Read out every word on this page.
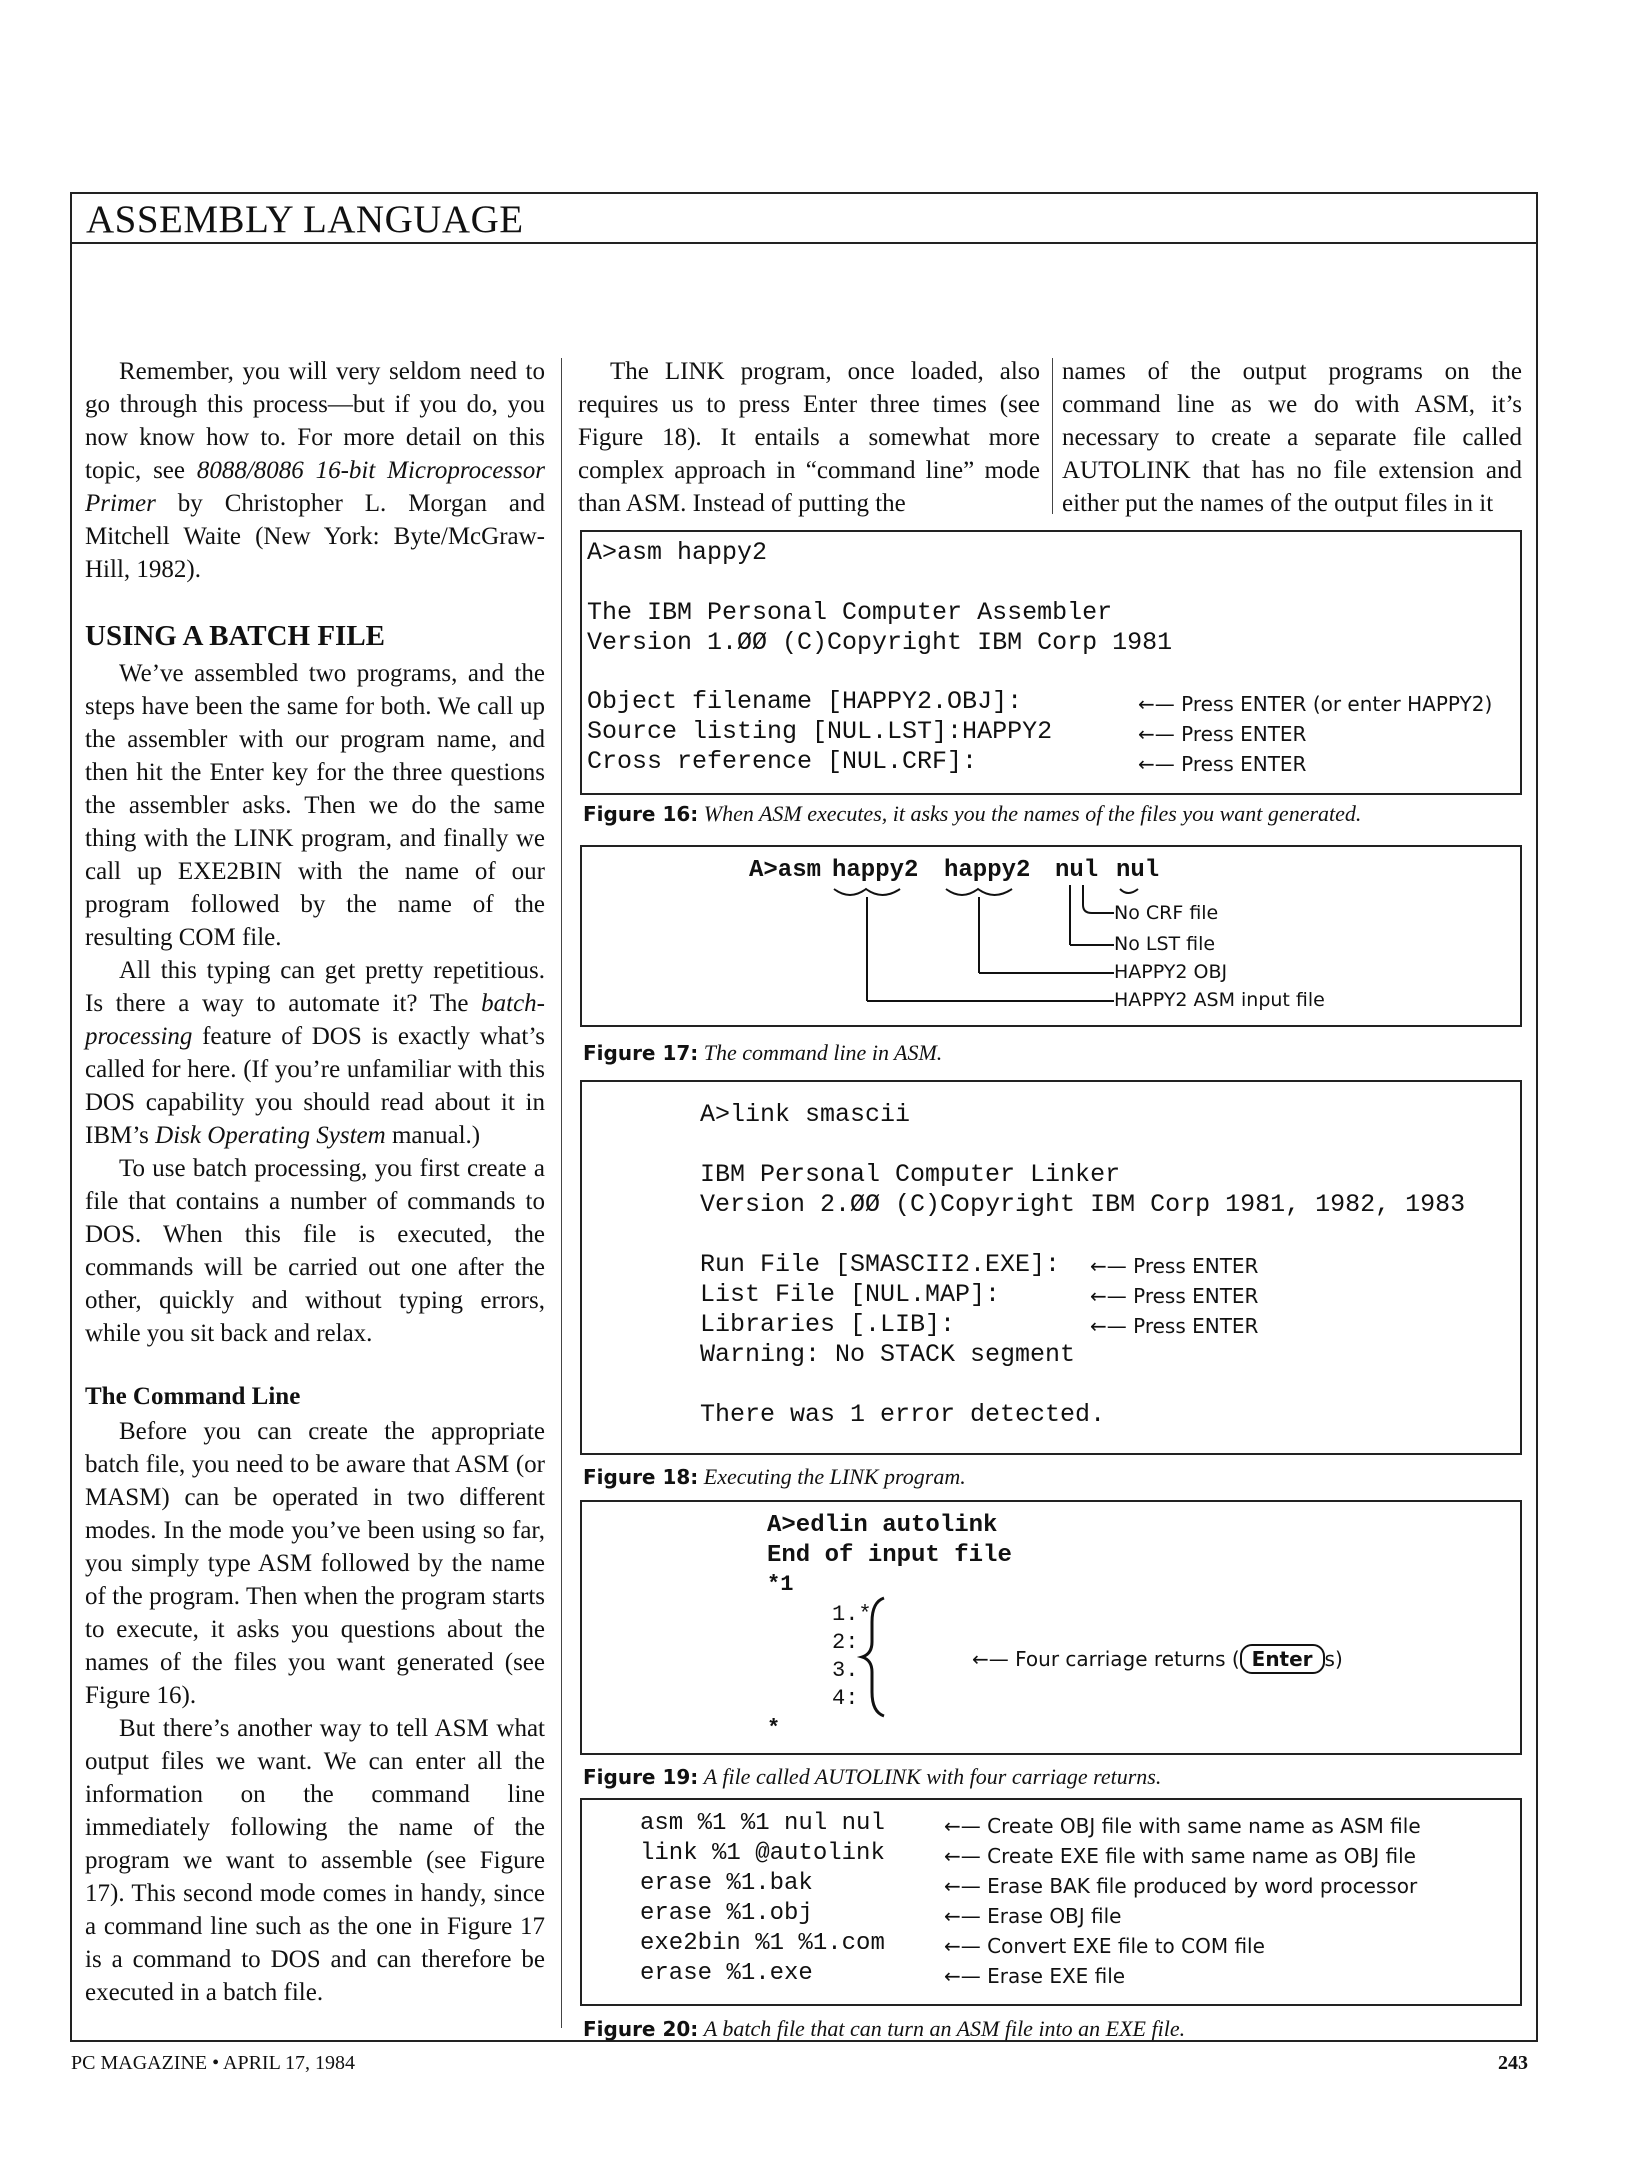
ASSEMBLY LANGUAGE

Remember, you will very seldom need to go through this process—but if you do, you now know how to. For more detail on this topic, see 8088/8086 16-bit Microprocessor Primer by Christopher L. Morgan and Mitchell Waite (New York: Byte/McGraw-Hill, 1982).

USING A BATCH FILE

We’ve assembled two programs, and the steps have been the same for both. We call up the assembler with our program name, and then hit the Enter key for the three questions the assembler asks. Then we do the same thing with the LINK program, and finally we call up EXE2BIN with the name of our program followed by the name of the resulting COM file.

All this typing can get pretty repetitious. Is there a way to automate it? The batch-processing feature of DOS is exactly what’s called for here. (If you’re unfamiliar with this DOS capability you should read about it in IBM’s Disk Operating System manual.)

To use batch processing, you first create a file that contains a number of commands to DOS. When this file is executed, the commands will be carried out one after the other, quickly and without typing errors, while you sit back and relax.

The Command Line

Before you can create the appropriate batch file, you need to be aware that ASM (or MASM) can be operated in two different modes. In the mode you’ve been using so far, you simply type ASM followed by the name of the program. Then when the program starts to execute, it asks you questions about the names of the files you want generated (see Figure 16).

But there’s another way to tell ASM what output files we want. We can enter all the information on the command line immediately following the name of the program we want to assemble (see Figure 17). This second mode comes in handy, since a command line such as the one in Figure 17 is a command to DOS and can therefore be executed in a batch file.

The LINK program, once loaded, also requires us to press Enter three times (see Figure 18). It entails a somewhat more complex approach in “command line” mode than ASM. Instead of putting the

names of the output programs on the command line as we do with ASM, it’s necessary to create a separate file called AUTOLINK that has no file extension and either put the names of the output files in it

A>asm happy2
The IBM Personal Computer Assembler
Version 1.ØØ (C)Copyright IBM Corp 1981
Object filename [HAPPY2.OBJ]:
Source listing [NUL.LST]:HAPPY2
Cross reference [NUL.CRF]:
←— Press ENTER (or enter HAPPY2)
←— Press ENTER
←— Press ENTER
Figure 16: When ASM executes, it asks you the names of the files you want generated.
A>asm happy2 happy2 nul nul
No CRF file
No LST file
HAPPY2 OBJ
HAPPY2 ASM input file
Figure 17: The command line in ASM.
A>link smascii
IBM Personal Computer Linker
Version 2.ØØ (C)Copyright IBM Corp 1981, 1982, 1983
Run File [SMASCII2.EXE]:
List File [NUL.MAP]:
Libraries [.LIB]:
Warning: No STACK segment
There was 1 error detected.
←— Press ENTER
←— Press ENTER
←— Press ENTER
Figure 18: Executing the LINK program.
A>edlin autolink
End of input file
*1
1.*
2:
3.
4:
*
←— Four carriage returns ( Enter s)
Figure 19: A file called AUTOLINK with four carriage returns.
asm %1 %1 nul nul
link %1 @autolink
erase %1.bak
erase %1.obj
exe2bin %1 %1.com
erase %1.exe
←— Create OBJ file with same name as ASM file
←— Create EXE file with same name as OBJ file
←— Erase BAK file produced by word processor
←— Erase OBJ file
←— Convert EXE file to COM file
←— Erase EXE file
Figure 20: A batch file that can turn an ASM file into an EXE file.
PC MAGAZINE • APRIL 17, 1984	243
